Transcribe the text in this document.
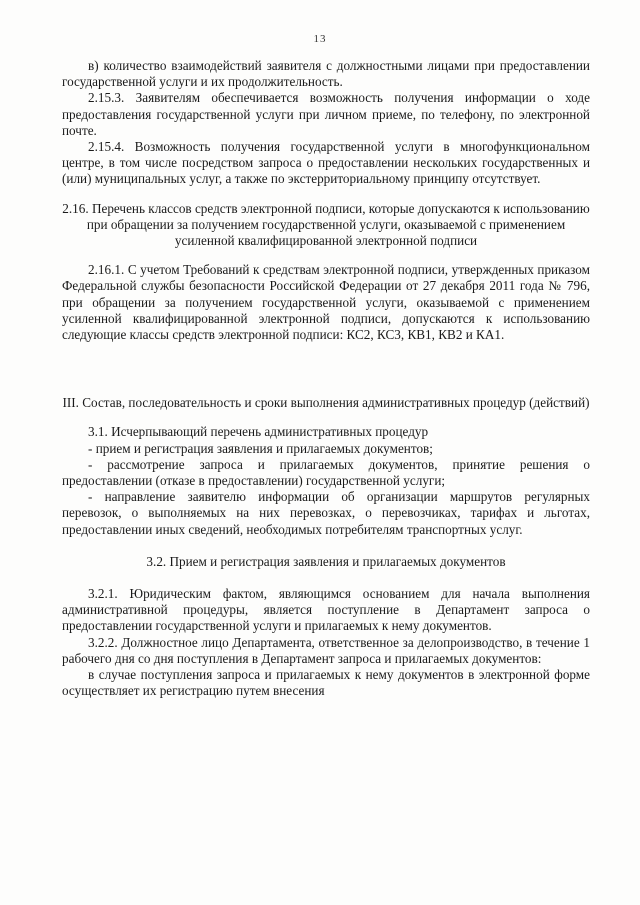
13

в) количество взаимодействий заявителя с должностными лицами при предоставлении государственной услуги и их продолжительность.

2.15.3. Заявителям обеспечивается возможность получения информации о ходе предоставления государственной услуги при личном приеме, по телефону, по электронной почте.

2.15.4. Возможность получения государственной услуги в многофункциональном центре, в том числе посредством запроса о предоставлении нескольких государственных и (или) муниципальных услуг, а также по экстерриториальному принципу отсутствует.

2.16. Перечень классов средств электронной подписи, которые допускаются к использованию при обращении за получением государственной услуги, оказываемой с применением усиленной квалифицированной электронной подписи

2.16.1. С учетом Требований к средствам электронной подписи, утвержденных приказом Федеральной службы безопасности Российской Федерации от 27 декабря 2011 года № 796, при обращении за получением государственной услуги, оказываемой с применением усиленной квалифицированной электронной подписи, допускаются к использованию следующие классы средств электронной подписи: КС2, КС3, КВ1, КВ2 и КА1.

III. Состав, последовательность и сроки выполнения административных процедур (действий)

3.1. Исчерпывающий перечень административных процедур

- прием и регистрация заявления и прилагаемых документов;

- рассмотрение запроса и прилагаемых документов, принятие решения о предоставлении (отказе в предоставлении) государственной услуги;

- направление заявителю информации об организации маршрутов регулярных перевозок, о выполняемых на них перевозках, о перевозчиках, тарифах и льготах, предоставлении иных сведений, необходимых потребителям транспортных услуг.

3.2. Прием и регистрация заявления и прилагаемых документов

3.2.1. Юридическим фактом, являющимся основанием для начала выполнения административной процедуры, является поступление в Департамент запроса о предоставлении государственной услуги и прилагаемых к нему документов.

3.2.2. Должностное лицо Департамента, ответственное за делопроизводство, в течение 1 рабочего дня со дня поступления в Департамент запроса и прилагаемых документов:

в случае поступления запроса и прилагаемых к нему документов в электронной форме осуществляет их регистрацию путем внесения
